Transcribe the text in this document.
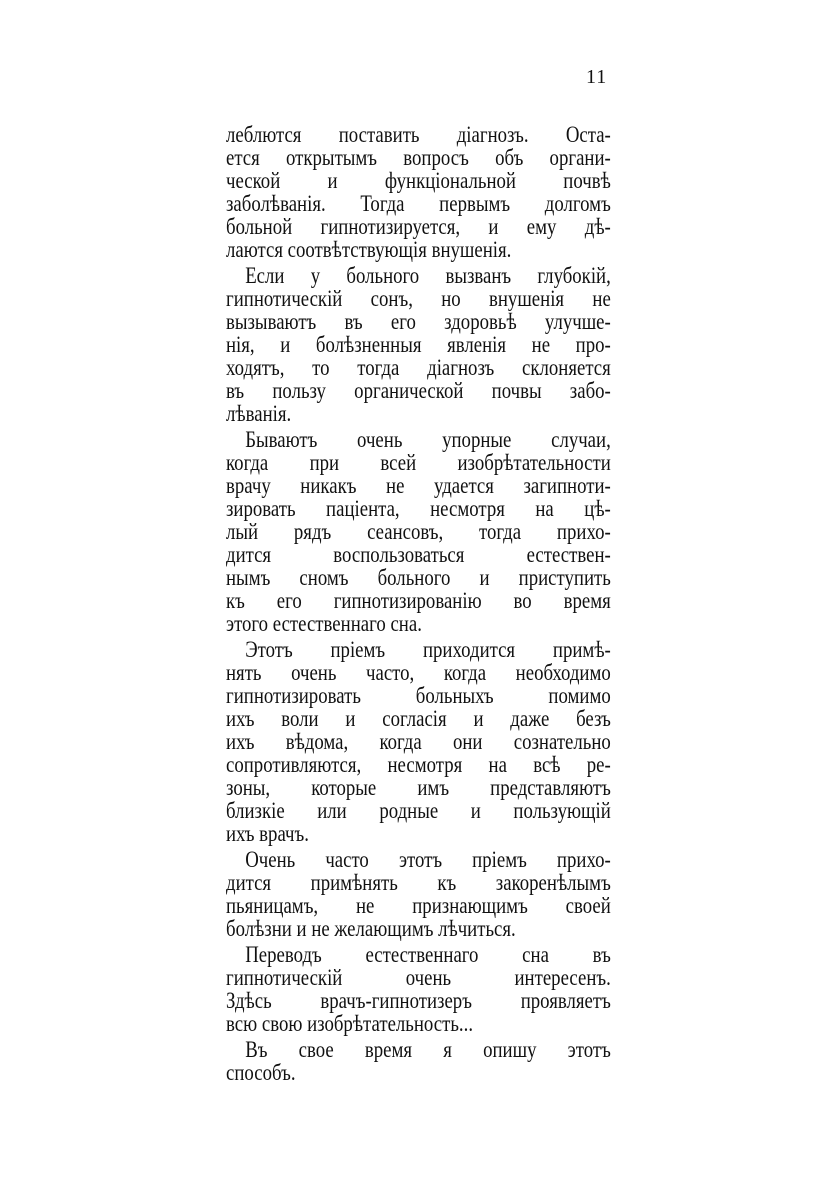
11
леблются поставить діагнозъ. Оста-
ется открытымъ вопросъ объ органи-
ческой и функціональной почвѣ
заболѣванія. Тогда первымъ долгомъ
больной гипнотизируется, и ему дѣ-
лаются соотвѣтствующія внушенія.
Если у больного вызванъ глубокій,
гипнотическій сонъ, но внушенія не
вызываютъ въ его здоровьѣ улучше-
нія, и болѣзненныя явленія не про-
ходятъ, то тогда діагнозъ склоняется
въ пользу органической почвы забо-
лѣванія.
Бываютъ очень упорные случаи,
когда при всей изобрѣтательности
врачу никакъ не удается загипноти-
зировать паціента, несмотря на цѣ-
лый рядъ сеансовъ, тогда прихо-
дится воспользоваться естествен-
нымъ сномъ больного и приступить
къ его гипнотизированію во время
этого естественнаго сна.
Этотъ пріемъ приходится примѣ-
нять очень часто, когда необходимо
гипнотизировать больныхъ помимо
ихъ воли и согласія и даже безъ
ихъ вѣдома, когда они сознательно
сопротивляются, несмотря на всѣ ре-
зоны, которые имъ представляютъ
близкіе или родные и пользующій
ихъ врачъ.
Очень часто этотъ пріемъ прихо-
дится примѣнять къ закоренѣлымъ
пьяницамъ, не признающимъ своей
болѣзни и не желающимъ лѣчиться.
Переводъ естественнаго сна въ
гипнотическій очень интересенъ.
Здѣсь врачъ-гипнотизеръ проявляетъ
всю свою изобрѣтательность...
Въ свое время я опишу этотъ
способъ.
